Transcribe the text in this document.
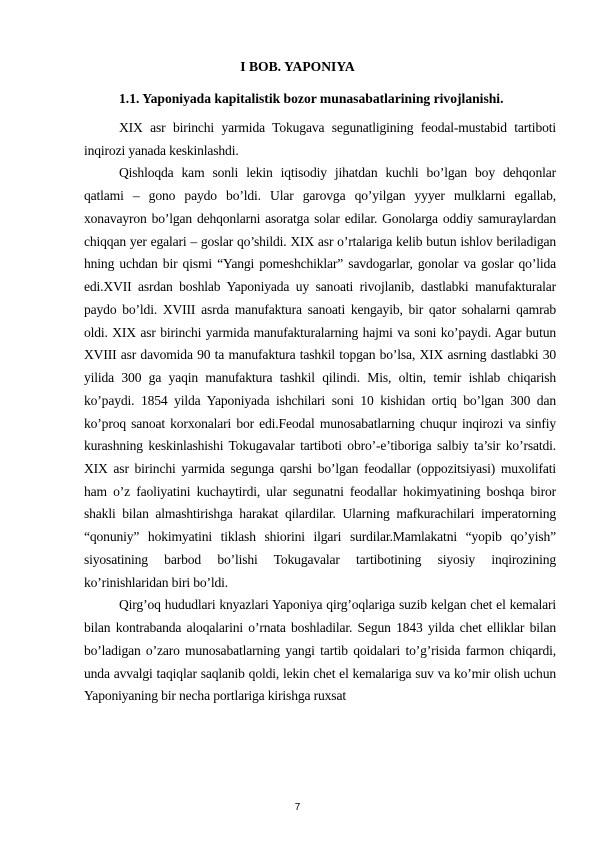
I BOB. YAPONIYA
1.1. Yaponiyada kapitalistik bozor munasabatlarining rivojlanishi.

XIX asr birinchi yarmida Tokugava segunatligining feodal-mustabid tartiboti inqirozi yanada keskinlashdi.

Qishloqda kam sonli lekin iqtisodiy jihatdan kuchli bo’lgan boy dehqonlar qatlami – gono paydo bo’ldi. Ular garovga qo’yilgan yyyer mulklarni egallab, xonavayron bo’lgan dehqonlarni asoratga solar edilar. Gonolarga oddiy samuraylardan chiqqan yer egalari – goslar qo’shildi. XIX asr o’rtalariga kelib butun ishlov beriladigan hning uchdan bir qismi “Yangi pomeshchiklar” savdogarlar, gonolar va goslar qo’lida edi.XVII asrdan boshlab Yaponiyada uy sanoati rivojlanib, dastlabki manufakturalar paydo bo’ldi. XVIII asrda manufaktura sanoati kengayib, bir qator sohalarni qamrab oldi. XIX asr birinchi yarmida manufakturalarning hajmi va soni ko’paydi. Agar butun XVIII asr davomida 90 ta manufaktura tashkil topgan bo’lsa, XIX asrning dastlabki 30 yilida 300 ga yaqin manufaktura tashkil qilindi. Mis, oltin, temir ishlab chiqarish ko’paydi. 1854 yilda Yaponiyada ishchilari soni 10 kishidan ortiq bo’lgan 300 dan ko’proq sanoat korxonalari bor edi.Feodal munosabatlarning chuqur inqirozi va sinfiy kurashning keskinlashishi Tokugavalar tartiboti obro’-e’tiboriga salbiy ta’sir ko’rsatdi. XIX asr birinchi yarmida segunga qarshi bo’lgan feodallar (oppozitsiyasi) muxolifati ham o’z faoliyatini kuchaytirdi, ular segunatni feodallar hokimyatining boshqa biror shakli bilan almashtirishga harakat qilardilar. Ularning mafkurachilari imperatorning “qonuniy” hokimyatini tiklash shiorini ilgari surdilar.Mamlakatni “yopib qo’yish” siyosatining barbod bo’lishi Tokugavalar tartibotining siyosiy inqirozining ko’rinishlaridan biri bo’ldi.

Qirg’oq hududlari knyazlari Yaponiya qirg’oqlariga suzib kelgan chet el kemalari bilan kontrabanda aloqalarini o’rnata boshladilar. Segun 1843 yilda chet elliklar bilan bo’ladigan o’zaro munosabatlarning yangi tartib qoidalari to’g’risida farmon chiqardi, unda avvalgi taqiqlar saqlanib qoldi, lekin chet el kemalariga suv va ko’mir olish uchun Yaponiyaning bir necha portlariga kirishga ruxsat

7
